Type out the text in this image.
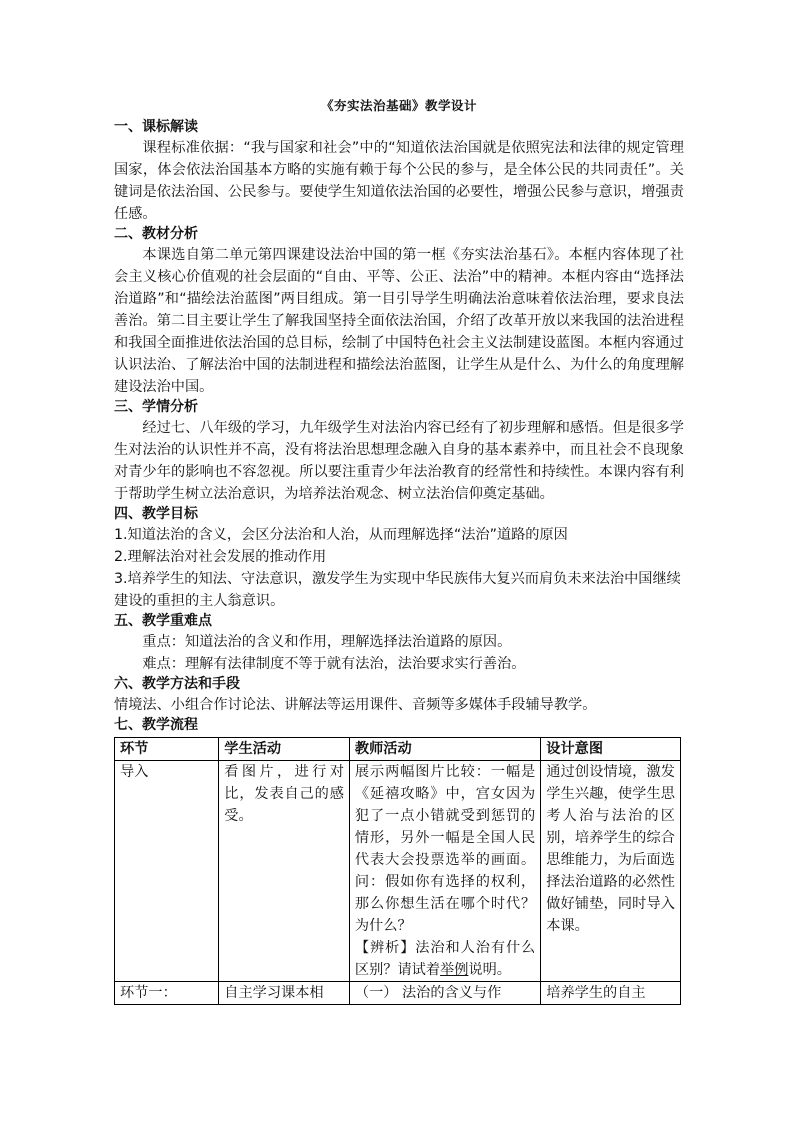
《夯实法治基础》教学设计
一、课标解读

课程标准依据：“我与国家和社会”中的“知道依法治国就是依照宪法和法律的规定管理国家，体会依法治国基本方略的实施有赖于每个公民的参与，是全体公民的共同责任”。关键词是依法治国、公民参与。要使学生知道依法治国的必要性，增强公民参与意识，增强责任感。

二、教材分析

本课选自第二单元第四课建设法治中国的第一框《夯实法治基石》。本框内容体现了社会主义核心价值观的社会层面的“自由、平等、公正、法治”中的精神。本框内容由“选择法治道路”和“描绘法治蓝图”两目组成。第一目引导学生明确法治意味着依法治理，要求良法善治。第二目主要让学生了解我国坚持全面依法治国，介绍了改革开放以来我国的法治进程和我国全面推进依法治国的总目标，绘制了中国特色社会主义法制建设蓝图。本框内容通过认识法治、了解法治中国的法制进程和描绘法治蓝图，让学生从是什么、为什么的角度理解建设法治中国。

三、学情分析

经过七、八年级的学习，九年级学生对法治内容已经有了初步理解和感悟。但是很多学生对法治的认识性并不高，没有将法治思想理念融入自身的基本素养中，而且社会不良现象对青少年的影响也不容忽视。所以要注重青少年法治教育的经常性和持续性。本课内容有利于帮助学生树立法治意识，为培养法治观念、树立法治信仰奠定基础。

四、教学目标

1.知道法治的含义，会区分法治和人治，从而理解选择“法治”道路的原因

2.理解法治对社会发展的推动作用

3.培养学生的知法、守法意识，激发学生为实现中华民族伟大复兴而肩负未来法治中国继续建设的重担的主人翁意识。

五、教学重难点

重点：知道法治的含义和作用，理解选择法治道路的原因。

难点：理解有法律制度不等于就有法治，法治要求实行善治。

六、教学方法和手段

情境法、小组合作讨论法、讲解法等运用课件、音频等多媒体手段辅导教学。

七、教学流程
环节	学生活动	教师活动	设计意图
导入	看图片，进行对比，发表自己的感受。	展示两幅图片比较：一幅是《延禧攻略》中，宫女因为犯了一点小错就受到惩罚的情形，另外一幅是全国人民代表大会投票选举的画面。问：假如你有选择的权利，那么你想生活在哪个时代？为什么？
【辨析】法治和人治有什么区别？请试着举例说明。	通过创设情境，激发学生兴趣，使学生思考人治与法治的区别，培养学生的综合思维能力，为后面选择法治道路的必然性做好铺垫，同时导入本课。
环节一：	自主学习课本相	（一） 法治的含义与作	培养学生的自主
